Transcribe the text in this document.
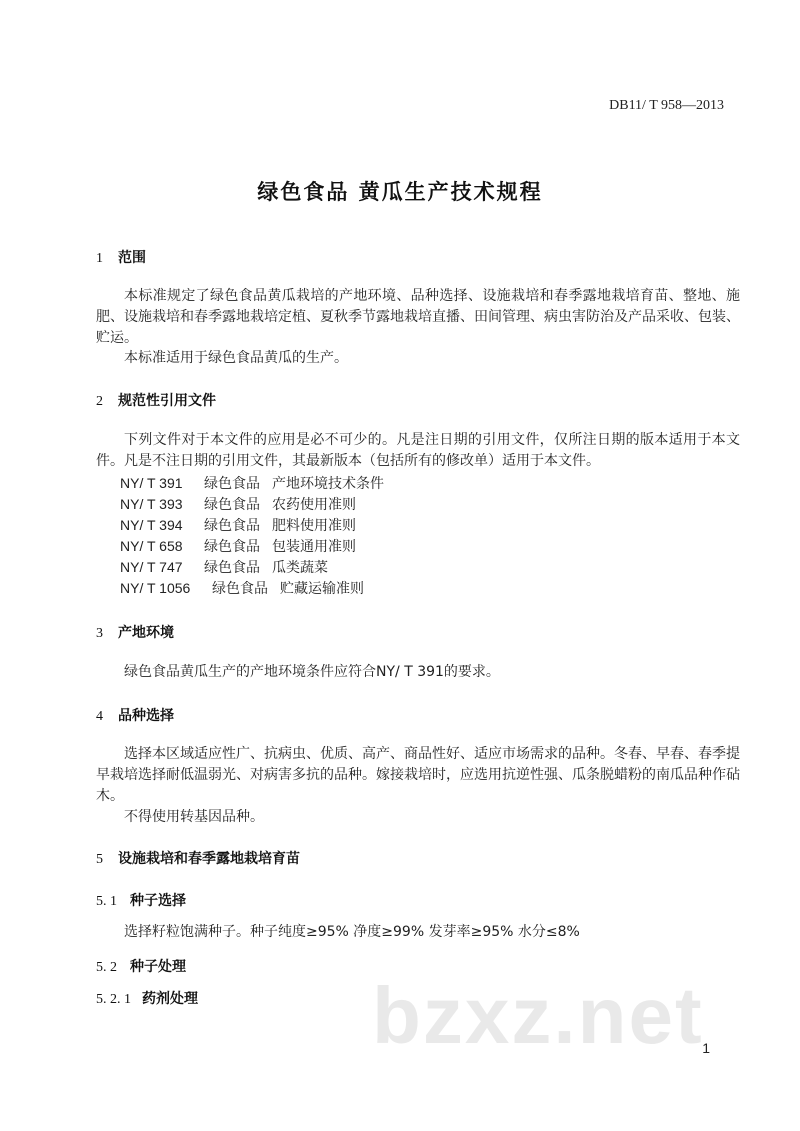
DB11/ T 958—2013
绿色食品 黄瓜生产技术规程
1 范围
本标准规定了绿色食品黄瓜栽培的产地环境、品种选择、设施栽培和春季露地栽培育苗、整地、施肥、设施栽培和春季露地栽培定植、夏秋季节露地栽培直播、田间管理、病虫害防治及产品采收、包装、贮运。
本标准适用于绿色食品黄瓜的生产。
2 规范性引用文件
下列文件对于本文件的应用是必不可少的。凡是注日期的引用文件，仅所注日期的版本适用于本文件。凡是不注日期的引用文件，其最新版本（包括所有的修改单）适用于本文件。
NY/ T 391 绿色食品 产地环境技术条件
NY/ T 393 绿色食品 农药使用准则
NY/ T 394 绿色食品 肥料使用准则
NY/ T 658 绿色食品 包装通用准则
NY/ T 747 绿色食品 瓜类蔬菜
NY/ T 1056 绿色食品 贮藏运输准则
3 产地环境
绿色食品黄瓜生产的产地环境条件应符合NY/ T 391的要求。
4 品种选择
选择本区域适应性广、抗病虫、优质、高产、商品性好、适应市场需求的品种。冬春、早春、春季提早栽培选择耐低温弱光、对病害多抗的品种。嫁接栽培时，应选用抗逆性强、瓜条脱蜡粉的南瓜品种作砧木。
不得使用转基因品种。
5 设施栽培和春季露地栽培育苗
5. 1 种子选择
选择籽粒饱满种子。种子纯度≥95% 净度≥99% 发芽率≥95% 水分≤8%
5. 2 种子处理
5. 2. 1 药剂处理 bzxz.net
1
